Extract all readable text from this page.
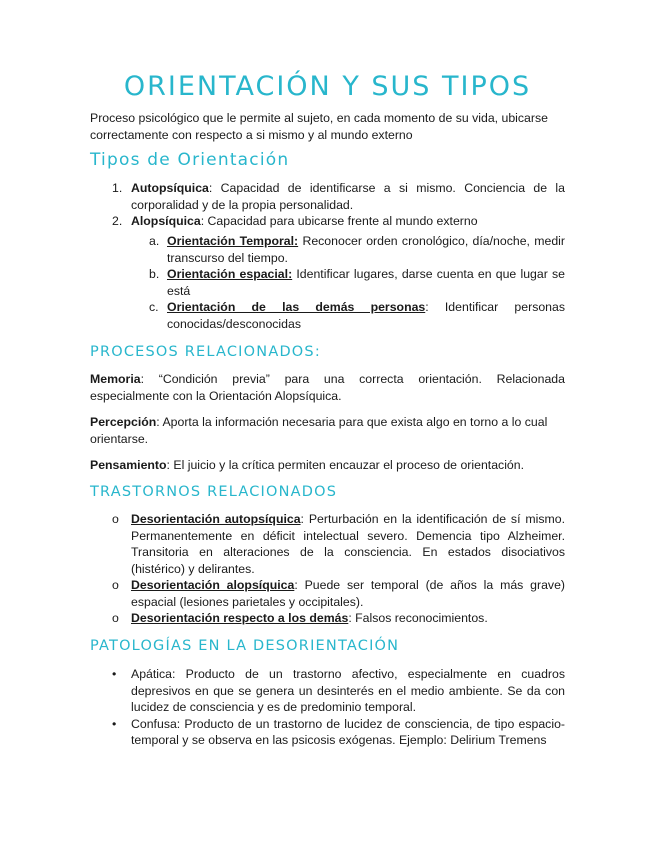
ORIENTACIÓN Y SUS TIPOS
Proceso psicológico que le permite al sujeto, en cada momento de su vida, ubicarse correctamente con respecto a si mismo y al mundo externo
Tipos de Orientación
1. Autopsíquica: Capacidad de identificarse a si mismo. Conciencia de la corporalidad y de la propia personalidad.
2. Alopsíquica: Capacidad para ubicarse frente al mundo externo
a. Orientación Temporal: Reconocer orden cronológico, día/noche, medir transcurso del tiempo.
b. Orientación espacial: Identificar lugares, darse cuenta en que lugar se está
c. Orientación de las demás personas: Identificar personas conocidas/desconocidas
PROCESOS RELACIONADOS:
Memoria: “Condición previa” para una correcta orientación. Relacionada especialmente con la Orientación Alopsíquica.
Percepción: Aporta la información necesaria para que exista algo en torno a lo cual orientarse.
Pensamiento: El juicio y la crítica permiten encauzar el proceso de orientación.
TRASTORNOS RELACIONADOS
o Desorientación autopsíquica: Perturbación en la identificación de sí mismo. Permanentemente en déficit intelectual severo. Demencia tipo Alzheimer. Transitoria en alteraciones de la consciencia. En estados disociativos (histérico) y delirantes.
o Desorientación alopsíquica: Puede ser temporal (de años la más grave) espacial (lesiones parietales y occipitales).
o Desorientación respecto a los demás: Falsos reconocimientos.
PATOLOGÍAS EN LA DESORIENTACIÓN
• Apática: Producto de un trastorno afectivo, especialmente en cuadros depresivos en que se genera un desinterés en el medio ambiente. Se da con lucidez de consciencia y es de predominio temporal.
• Confusa: Producto de un trastorno de lucidez de consciencia, de tipo espacio-temporal y se observa en las psicosis exógenas. Ejemplo: Delirium Tremens
